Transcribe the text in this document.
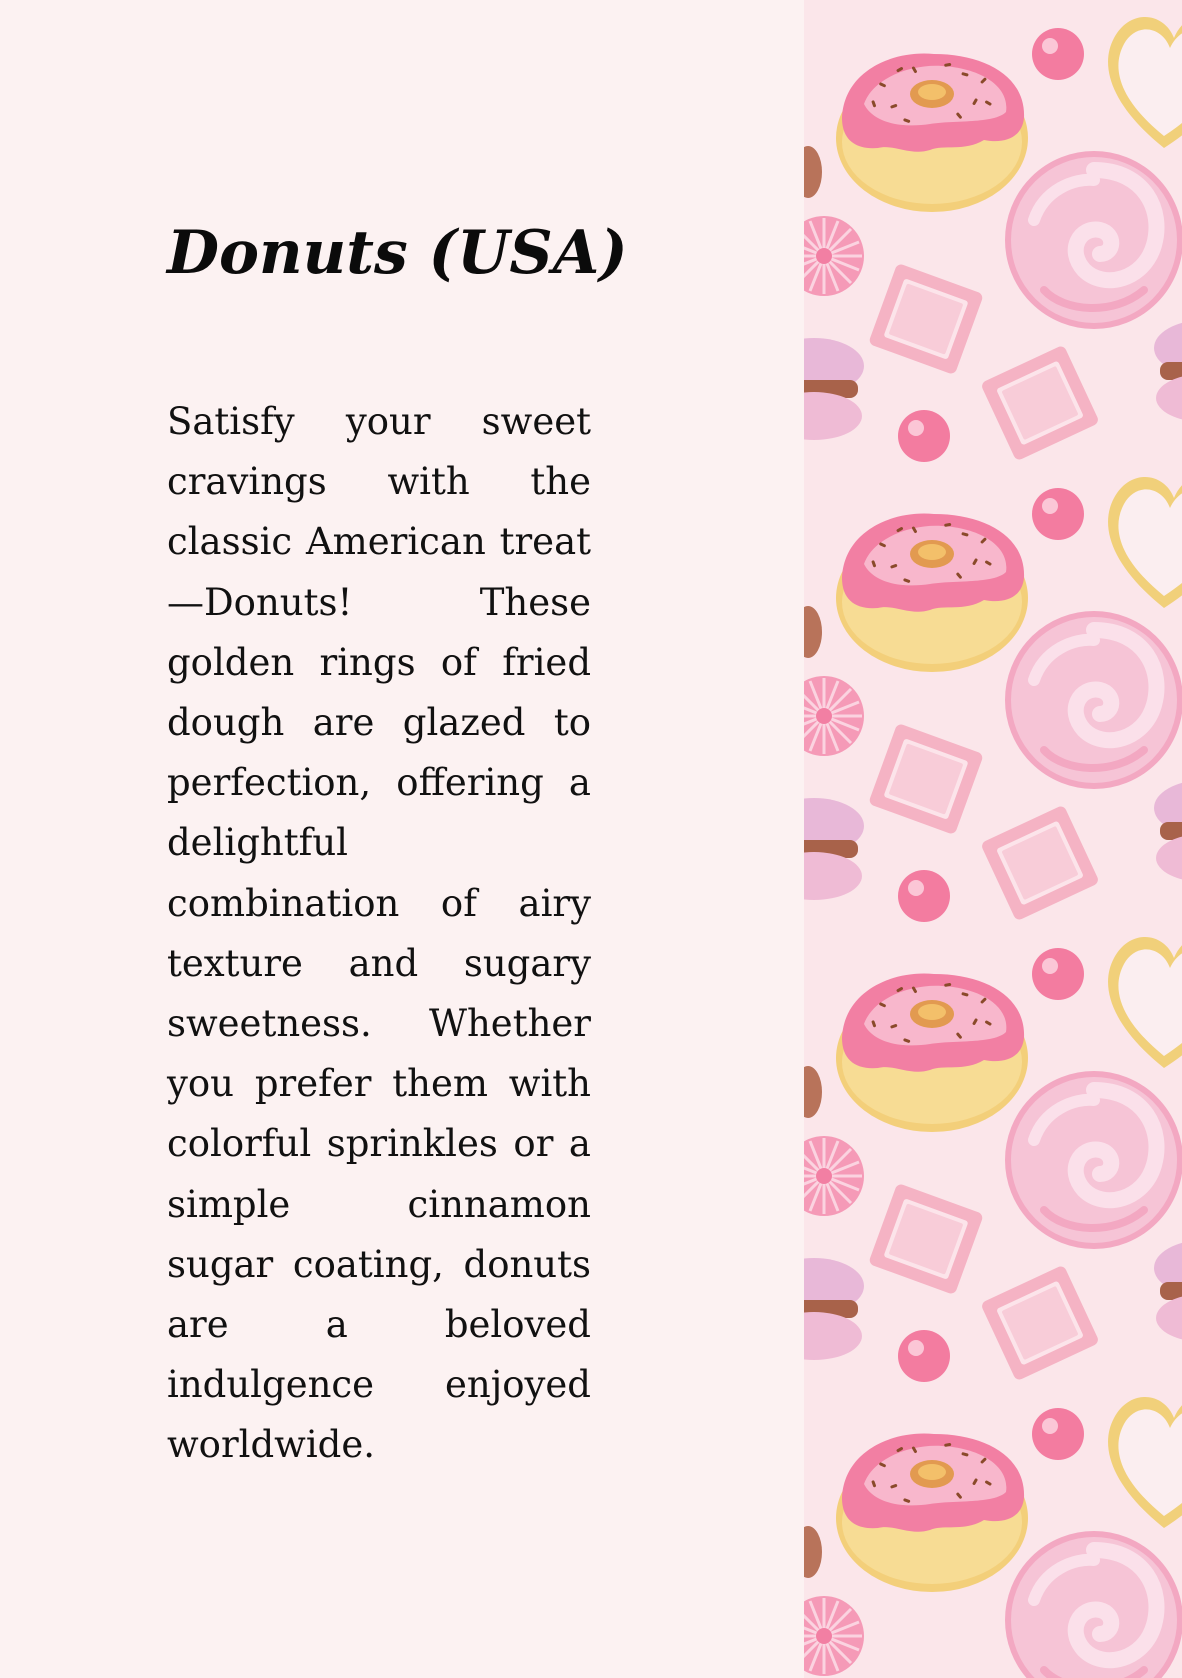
Donuts (USA)

Satisfy your sweet cravings with the classic American treat—Donuts! These golden rings of fried dough are glazed to perfection, offering a delightful combination of airy texture and sugary sweetness. Whether you prefer them with colorful sprinkles or a simple cinnamon sugar coating, donuts are a beloved indulgence enjoyed worldwide.
